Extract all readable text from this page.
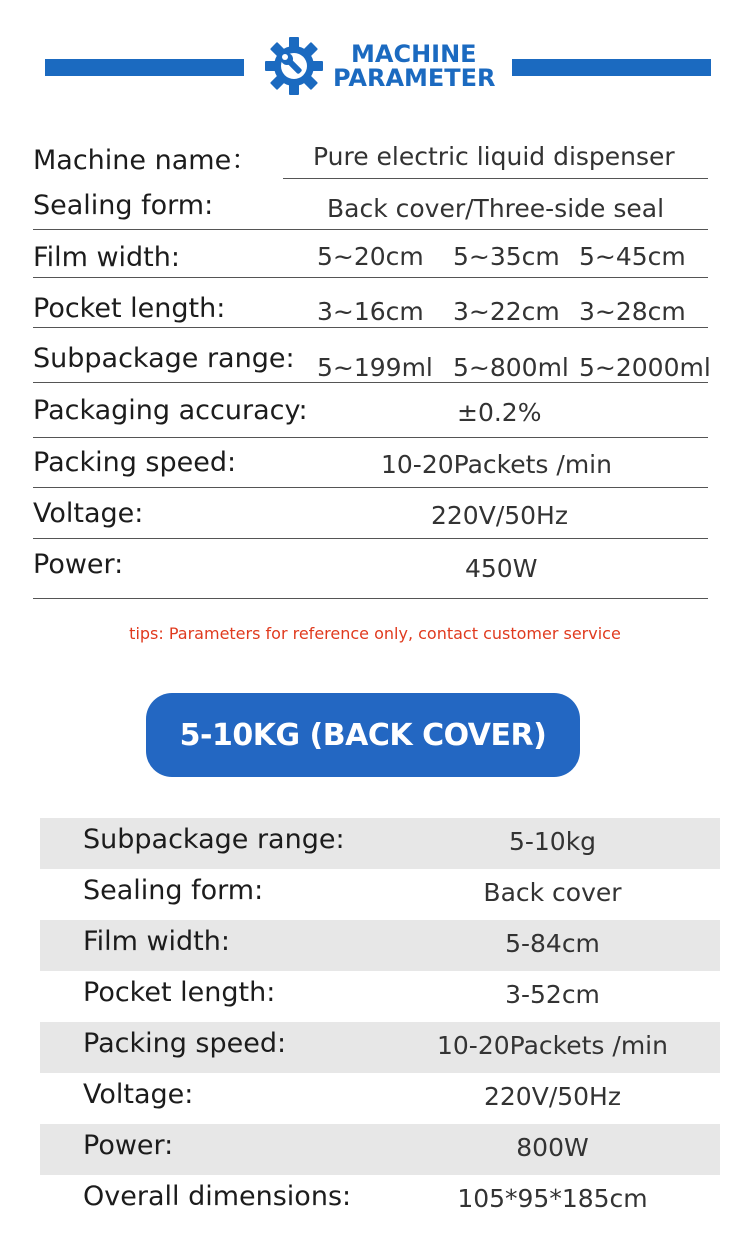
MACHINE
PARAMETER
Machine name： Pure electric liquid dispenser
Sealing form:	Back cover/Three-side seal
Film width:	5~20cm 5~35cm 5~45cm
Pocket length:	3~16cm 3~22cm 3~28cm
Subpackage range: 5~199ml 5~800ml 5~2000ml
Packaging accuracy:	±0.2%
Packing speed:	10-20Packets /min
Voltage:	220V/50Hz
Power:	450W
tips: Parameters for reference only, contact customer service
5-10KG (BACK COVER)
Subpackage range:	5-10kg
Sealing form:	Back cover
Film width:	5-84cm
Pocket length:	3-52cm
Packing speed:	10-20Packets /min
Voltage:	220V/50Hz
Power:	800W
Overall dimensions:	105*95*185cm
